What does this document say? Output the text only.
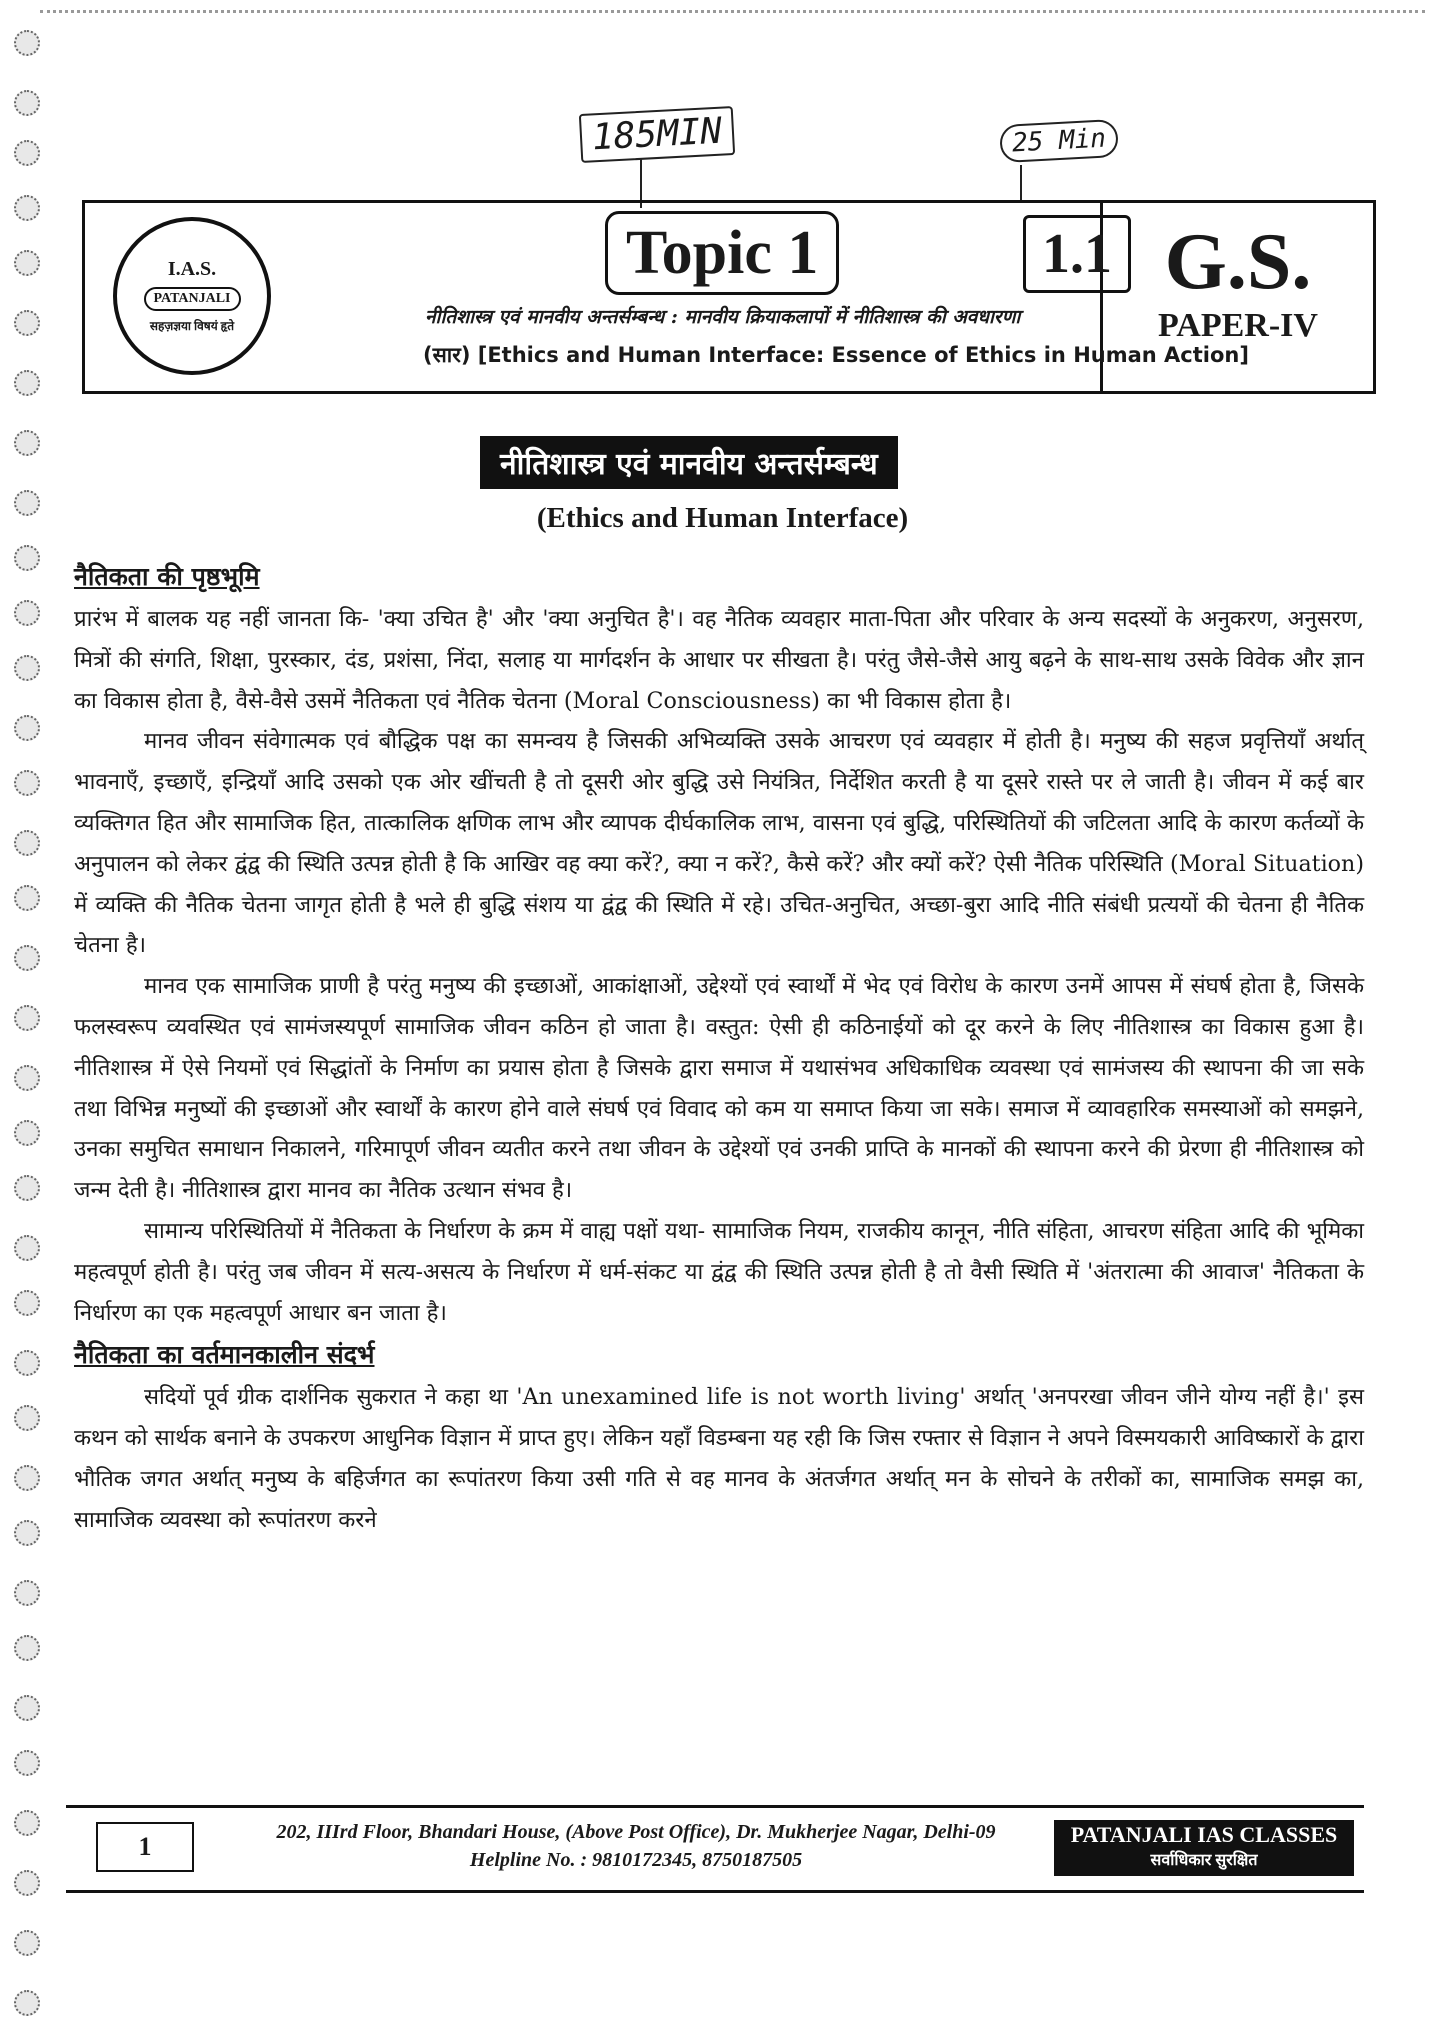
185MIN	25 Min
I.A.S.
PATANJALI
सहज़ज्ञया विषयं हृते
Topic 1	1.1
नीतिशास्त्र एवं मानवीय अन्तर्सम्बन्ध : मानवीय क्रियाकलापों में नीतिशास्त्र की अवधारणा
(सार) [Ethics and Human Interface: Essence of Ethics in Human Action]
G.S.
PAPER-IV
नीतिशास्त्र एवं मानवीय अन्तर्सम्बन्ध
(Ethics and Human Interface)
नैतिकता की पृष्ठभूमि

प्रारंभ में बालक यह नहीं जानता कि- 'क्या उचित है' और 'क्या अनुचित है'। वह नैतिक व्यवहार माता-पिता और परिवार के अन्य सदस्यों के अनुकरण, अनुसरण, मित्रों की संगति, शिक्षा, पुरस्कार, दंड, प्रशंसा, निंदा, सलाह या मार्गदर्शन के आधार पर सीखता है। परंतु जैसे-जैसे आयु बढ़ने के साथ-साथ उसके विवेक और ज्ञान का विकास होता है, वैसे-वैसे उसमें नैतिकता एवं नैतिक चेतना (Moral Consciousness) का भी विकास होता है।

मानव जीवन संवेगात्मक एवं बौद्धिक पक्ष का समन्वय है जिसकी अभिव्यक्ति उसके आचरण एवं व्यवहार में होती है। मनुष्य की सहज प्रवृत्तियाँ अर्थात् भावनाएँ, इच्छाएँ, इन्द्रियाँ आदि उसको एक ओर खींचती है तो दूसरी ओर बुद्धि उसे नियंत्रित, निर्देशित करती है या दूसरे रास्ते पर ले जाती है। जीवन में कई बार व्यक्तिगत हित और सामाजिक हित, तात्कालिक क्षणिक लाभ और व्यापक दीर्घकालिक लाभ, वासना एवं बुद्धि, परिस्थितियों की जटिलता आदि के कारण कर्तव्यों के अनुपालन को लेकर द्वंद्व की स्थिति उत्पन्न होती है कि आखिर वह क्या करें?, क्या न करें?, कैसे करें? और क्यों करें? ऐसी नैतिक परिस्थिति (Moral Situation) में व्यक्ति की नैतिक चेतना जागृत होती है भले ही बुद्धि संशय या द्वंद्व की स्थिति में रहे। उचित-अनुचित, अच्छा-बुरा आदि नीति संबंधी प्रत्ययों की चेतना ही नैतिक चेतना है।

मानव एक सामाजिक प्राणी है परंतु मनुष्य की इच्छाओं, आकांक्षाओं, उद्देश्यों एवं स्वार्थों में भेद एवं विरोध के कारण उनमें आपस में संघर्ष होता है, जिसके फलस्वरूप व्यवस्थित एवं सामंजस्यपूर्ण सामाजिक जीवन कठिन हो जाता है। वस्तुत: ऐसी ही कठिनाईयों को दूर करने के लिए नीतिशास्त्र का विकास हुआ है। नीतिशास्त्र में ऐसे नियमों एवं सिद्धांतों के निर्माण का प्रयास होता है जिसके द्वारा समाज में यथासंभव अधिकाधिक व्यवस्था एवं सामंजस्य की स्थापना की जा सके तथा विभिन्न मनुष्यों की इच्छाओं और स्वार्थों के कारण होने वाले संघर्ष एवं विवाद को कम या समाप्त किया जा सके। समाज में व्यावहारिक समस्याओं को समझने, उनका समुचित समाधान निकालने, गरिमापूर्ण जीवन व्यतीत करने तथा जीवन के उद्देश्यों एवं उनकी प्राप्ति के मानकों की स्थापना करने की प्रेरणा ही नीतिशास्त्र को जन्म देती है। नीतिशास्त्र द्वारा मानव का नैतिक उत्थान संभव है।

सामान्य परिस्थितियों में नैतिकता के निर्धारण के क्रम में वाह्य पक्षों यथा- सामाजिक नियम, राजकीय कानून, नीति संहिता, आचरण संहिता आदि की भूमिका महत्वपूर्ण होती है। परंतु जब जीवन में सत्य-असत्य के निर्धारण में धर्म-संकट या द्वंद्व की स्थिति उत्पन्न होती है तो वैसी स्थिति में 'अंतरात्मा की आवाज' नैतिकता के निर्धारण का एक महत्वपूर्ण आधार बन जाता है।

नैतिकता का वर्तमानकालीन संदर्भ

सदियों पूर्व ग्रीक दार्शनिक सुकरात ने कहा था 'An unexamined life is not worth living' अर्थात् 'अनपरखा जीवन जीने योग्य नहीं है।' इस कथन को सार्थक बनाने के उपकरण आधुनिक विज्ञान में प्राप्त हुए। लेकिन यहाँ विडम्बना यह रही कि जिस रफ्तार से विज्ञान ने अपने विस्मयकारी आविष्कारों के द्वारा भौतिक जगत अर्थात् मनुष्य के बहिर्जगत का रूपांतरण किया उसी गति से वह मानव के अंतर्जगत अर्थात् मन के सोचने के तरीकों का, सामाजिक समझ का, सामाजिक व्यवस्था को रूपांतरण करने

1	202, IIIrd Floor, Bhandari House, (Above Post Office), Dr. Mukherjee Nagar, Delhi-09
Helpline No. : 9810172345, 8750187505
PATANJALI IAS CLASSES
सर्वाधिकार सुरक्षित
